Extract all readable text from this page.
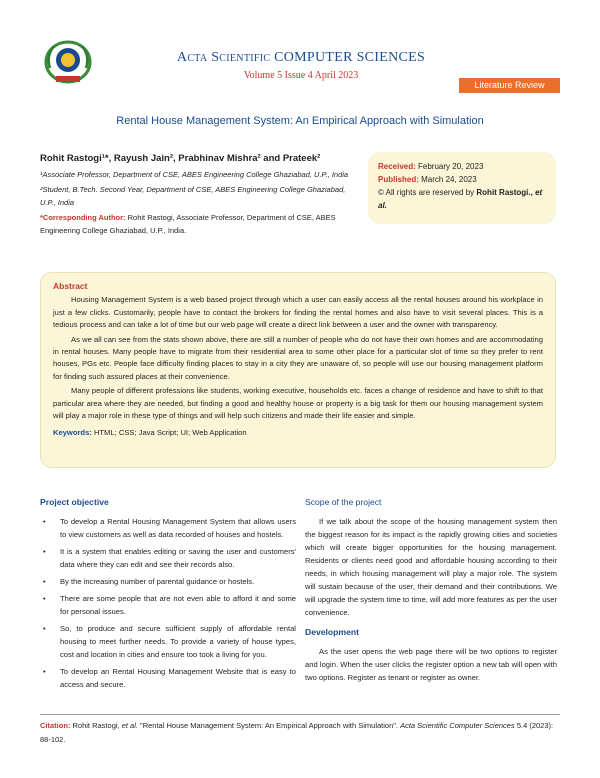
Acta Scientific COMPUTER SCIENCES
Volume 5 Issue 4 April 2023
Literature Review
Rental House Management System: An Empirical Approach with Simulation
Rohit Rastogi¹*, Rayush Jain², Prabhinav Mishra² and Prateek²

¹Associate Professor, Department of CSE, ABES Engineering College Ghaziabad, U.P., India

²Student, B.Tech. Second Year, Department of CSE, ABES Engineering College Ghaziabad, U.P., India

*Corresponding Author: Rohit Rastogi, Associate Professor, Department of CSE, ABES Engineering College Ghaziabad, U.P., India.

Received: February 20, 2023
Published: March 24, 2023
© All rights are reserved by Rohit Rastogi., et al.
Abstract

Housing Management System is a web based project through which a user can easily access all the rental houses around his workplace in just a few clicks. Customarily, people have to contact the brokers for finding the rental homes and also have to visit several places. This is a tedious process and can take a lot of time but our web page will create a direct link between a user and the owner with transparency.

As we all can see from the stats shown above, there are still a number of people who do not have their own homes and are accommodating in rental houses. Many people have to migrate from their residential area to some other place for a particular slot of time so they prefer to rent houses, PGs etc. People face difficulty finding places to stay in a city they are unaware of, so people will use our housing management platform for finding such assured places at their convenience.

Many people of different professions like students, working executive, households etc. faces a change of residence and have to shift to that particular area where they are needed, but finding a good and healthy house or property is a big task for them our housing management system will play a major role in these type of things and will help such citizens and made their life easier and simple.

Keywords: HTML; CSS; Java Script; UI; Web Application
Project objective
• To develop a Rental Housing Management System that allows users to view customers as well as data recorded of houses and hostels.
• It is a system that enables editing or saving the user and customers' data where they can edit and see their records also.
• By the increasing number of parental guidance or hostels.
• There are some people that are not even able to afford it and some for personal issues.
• So, to produce and secure sufficient supply of affordable rental housing to meet further needs. To provide a variety of house types, cost and location in cities and ensure too took a living for you.
• To develop an Rental Housing Management Website that is easy to access and secure.
Scope of the project

If we talk about the scope of the housing management system then the biggest reason for its impact is the rapidly growing cities and societies which will create bigger opportunities for the housing management. Residents or clients need good and affordable housing according to their needs, in which housing management will play a major role. The system will sustain because of the user, their demand and their contributions. We will upgrade the system time to time, will add more features as per the user convenience.

Development

As the user opens the web page there will be two options to register and login. When the user clicks the register option a new tab will open with two options. Register as tenant or register as owner.

Citation: Rohit Rastogi, et al. "Rental House Management System: An Empirical Approach with Simulation". Acta Scientific Computer Sciences 5.4 (2023): 88-102.
